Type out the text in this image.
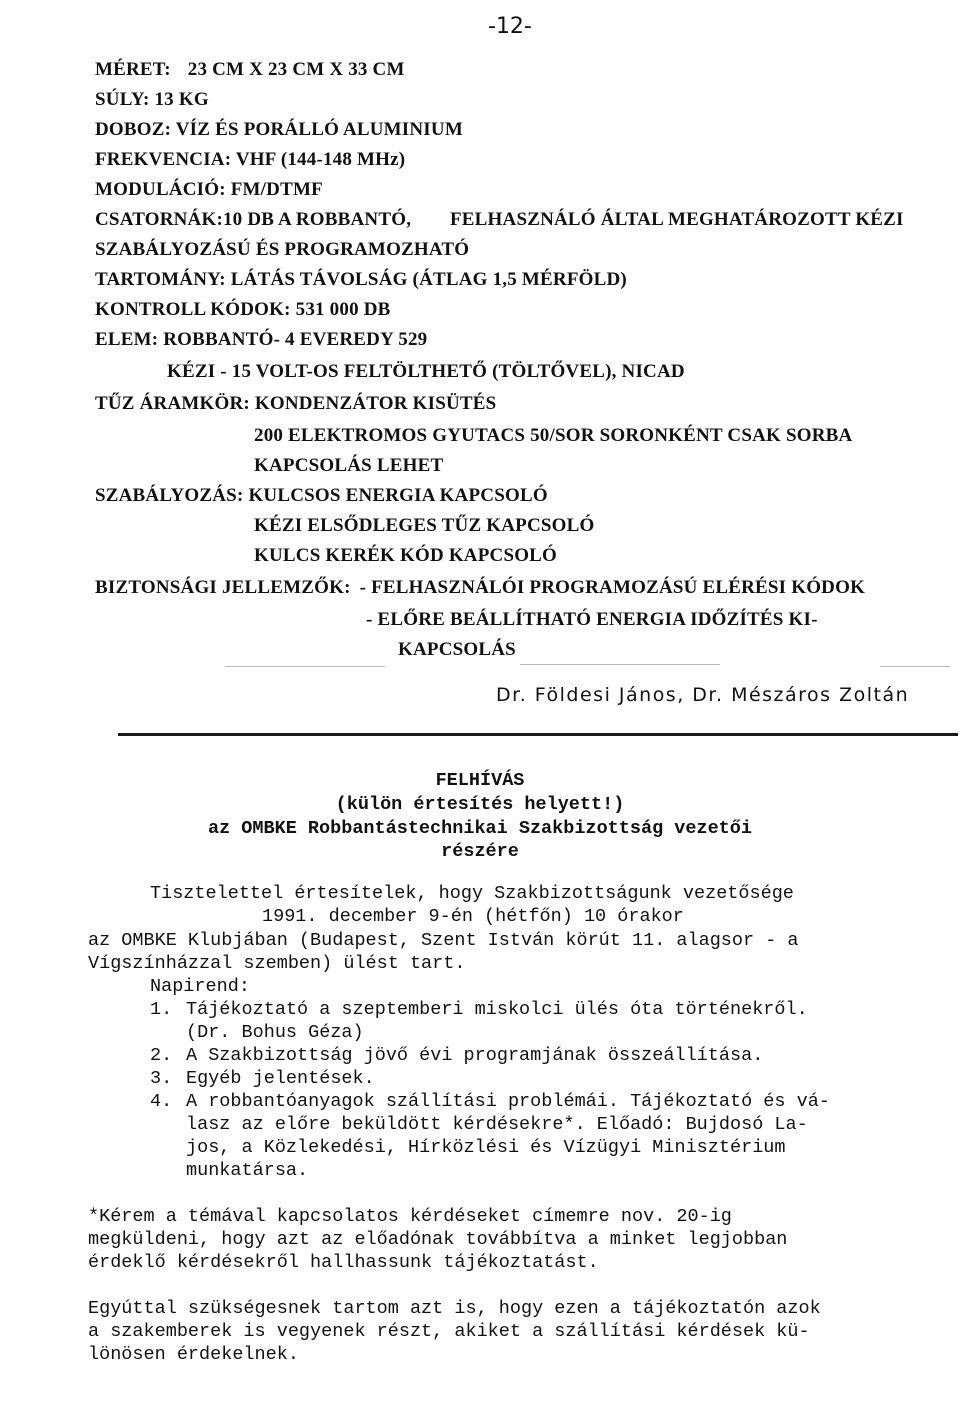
-12-
MÉRET: 23 CM X 23 CM X 33 CM
SÚLY: 13 KG
DOBOZ: VÍZ ÉS PORÁLLÓ ALUMINIUM
FREKVENCIA: VHF (144-148 MHz)
MODULÁCIÓ: FM/DTMF
CSATORNÁK:10 DB A ROBBANTÓ, FELHASZNÁLÓ ÁLTAL MEGHATÁROZOTT KÉZI
SZABÁLYOZÁSÚ ÉS PROGRAMOZHATÓ
TARTOMÁNY: LÁTÁS TÁVOLSÁG (ÁTLAG 1,5 MÉRFÖLD)
KONTROLL KÓDOK: 531 000 DB
ELEM: ROBBANTÓ- 4 EVEREDY 529
KÉZI - 15 VOLT-OS FELTÖLTHETŐ (TÖLTŐVEL), NICAD
TŰZ ÁRAMKÖR: KONDENZÁTOR KISÜTÉS
200 ELEKTROMOS GYUTACS 50/SOR SORONKÉNT CSAK SORBA
KAPCSOLÁS LEHET
SZABÁLYOZÁS: KULCSOS ENERGIA KAPCSOLÓ
KÉZI ELSŐDLEGES TŰZ KAPCSOLÓ
KULCS KERÉK KÓD KAPCSOLÓ
BIZTONSÁGI JELLEMZŐK: - FELHASZNÁLÓI PROGRAMOZÁSÚ ELÉRÉSI KÓDOK
- ELŐRE BEÁLLÍTHATÓ ENERGIA IDŐZÍTÉS KI-
KAPCSOLÁS
Dr. Földesi János, Dr. Mészáros Zoltán
FELHÍVÁS
(külön értesítés helyett!)
az OMBKE Robbantástechnikai Szakbizottság vezetői
részére
Tisztelettel értesítelek, hogy Szakbizottságunk vezetősége
1991. december 9-én (hétfőn) 10 órakor
az OMBKE Klubjában (Budapest, Szent István körút 11. alagsor - a
Vígszínházzal szemben) ülést tart.
Napirend:
1. Tájékoztató a szeptemberi miskolci ülés óta történekről.
(Dr. Bohus Géza)
2. A Szakbizottság jövő évi programjának összeállítása.
3. Egyéb jelentések.
4. A robbantóanyagok szállítási problémái. Tájékoztató és vá-
lasz az előre beküldött kérdésekre*. Előadó: Bujdosó La-
jos, a Közlekedési, Hírközlési és Vízügyi Minisztérium
munkatársa.
*Kérem a témával kapcsolatos kérdéseket címemre nov. 20-ig
megküldeni, hogy azt az előadónak továbbítva a minket legjobban
érdeklő kérdésekről hallhassunk tájékoztatást.
Egyúttal szükségesnek tartom azt is, hogy ezen a tájékoztatón azok
a szakemberek is vegyenek részt, akiket a szállítási kérdések kü-
lönösen érdekelnek.
